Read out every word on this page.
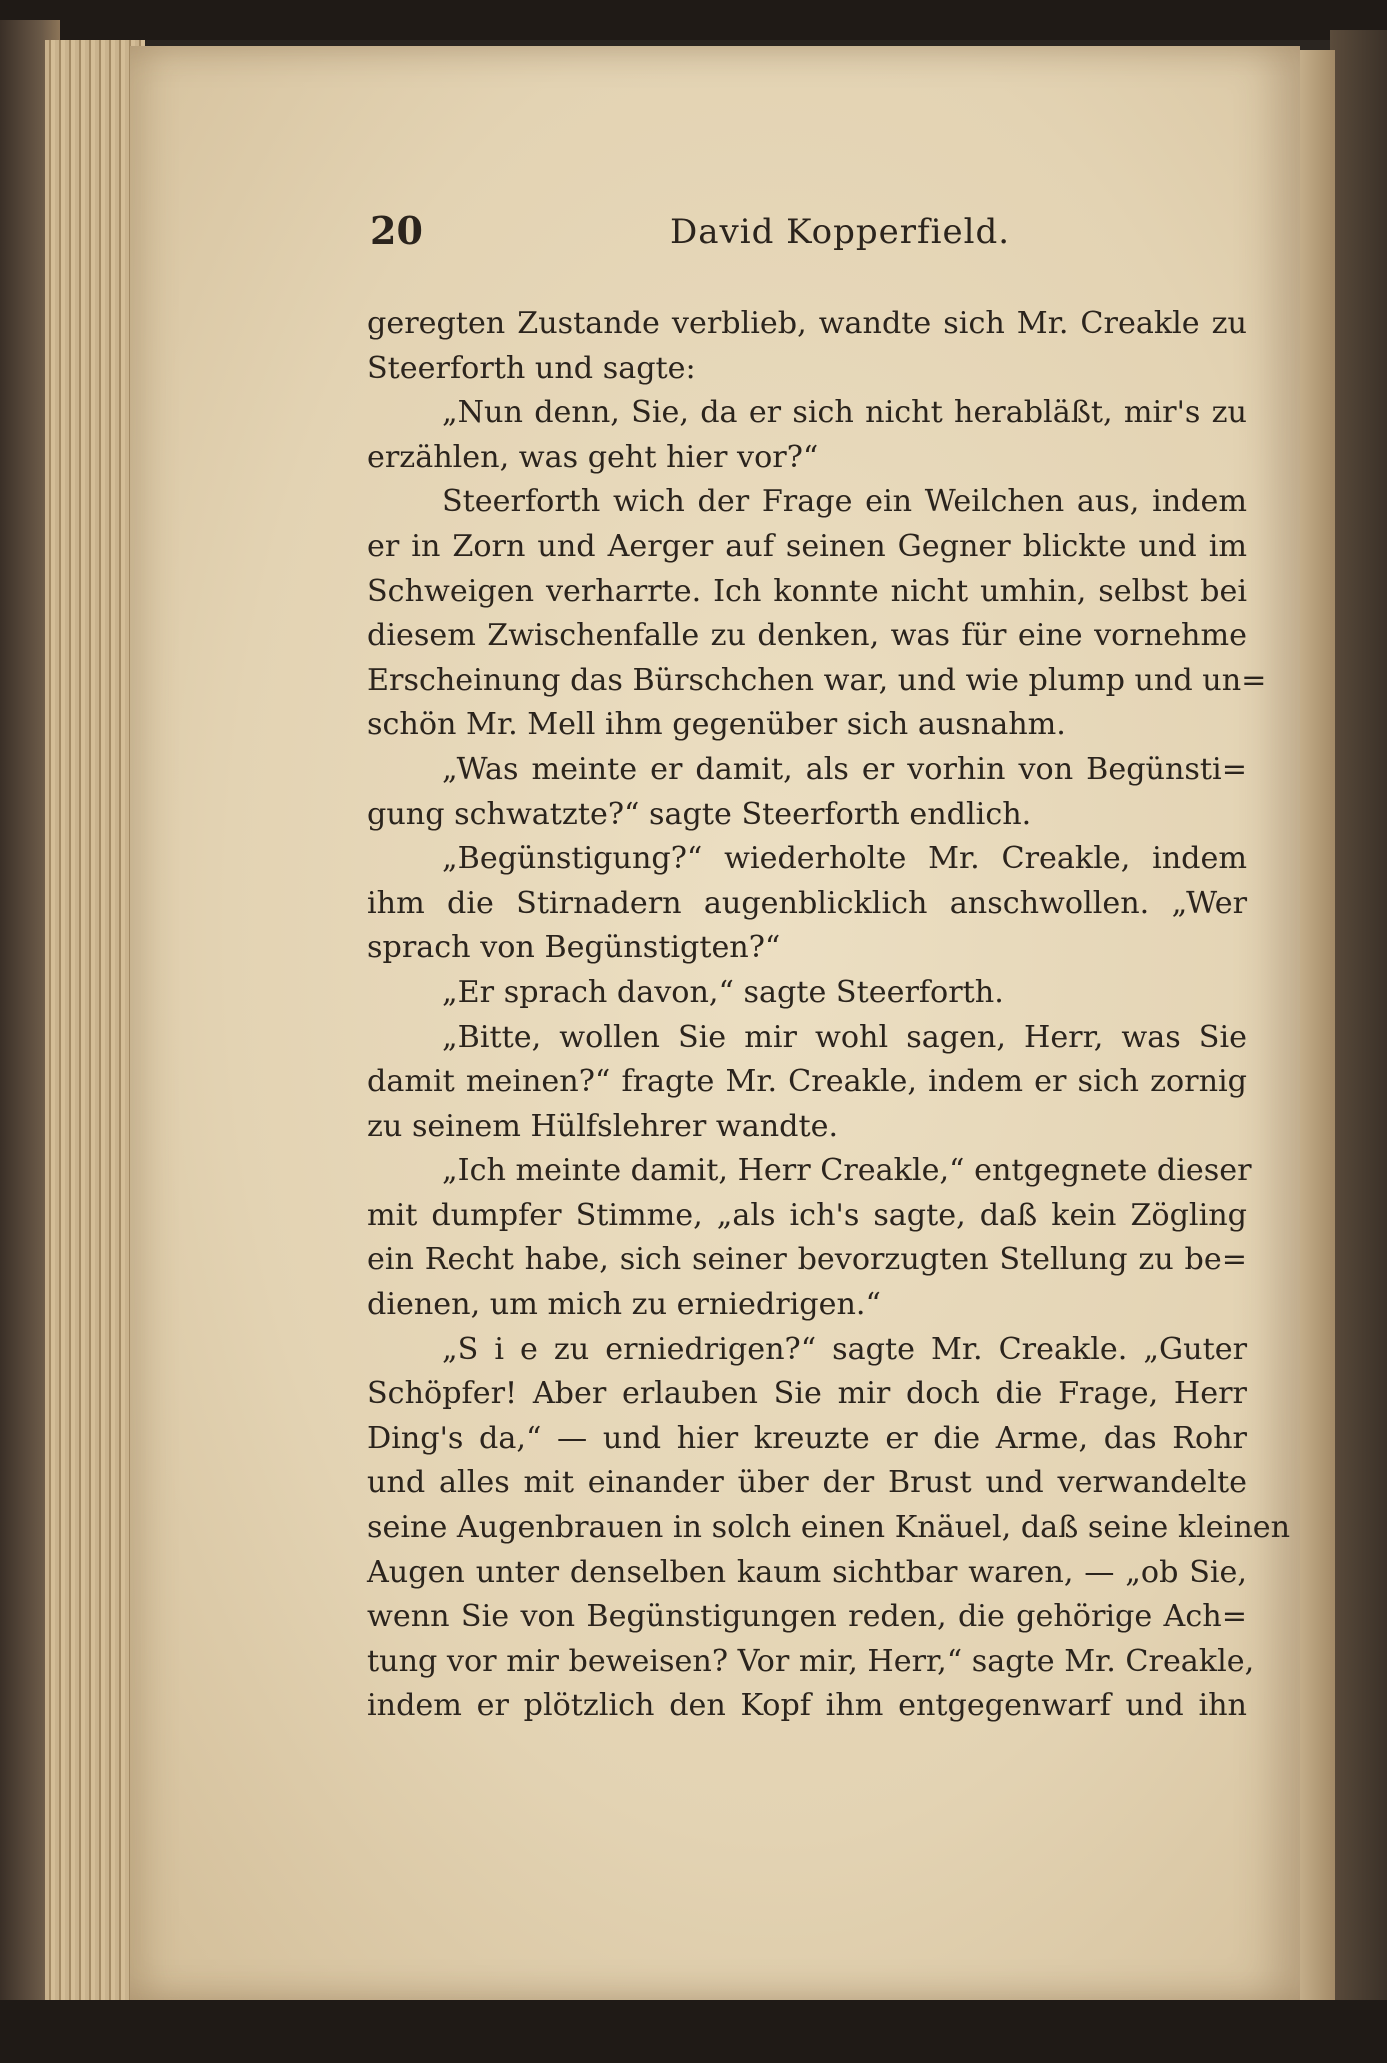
20	David Kopperfield.
geregten Zustande verblieb, wandte sich Mr. Creakle zu
Steerforth und sagte:
„Nun denn, Sie, da er sich nicht herabläßt, mir's zu
erzählen, was geht hier vor?“
Steerforth wich der Frage ein Weilchen aus, indem
er in Zorn und Aerger auf seinen Gegner blickte und im
Schweigen verharrte. Ich konnte nicht umhin, selbst bei
diesem Zwischenfalle zu denken, was für eine vornehme
Erscheinung das Bürschchen war, und wie plump und un=
schön Mr. Mell ihm gegenüber sich ausnahm.
„Was meinte er damit, als er vorhin von Begünsti=
gung schwatzte?“ sagte Steerforth endlich.
„Begünstigung?“ wiederholte Mr. Creakle, indem
ihm die Stirnadern augenblicklich anschwollen. „Wer
sprach von Begünstigten?“
„Er sprach davon,“ sagte Steerforth.
„Bitte, wollen Sie mir wohl sagen, Herr, was Sie
damit meinen?“ fragte Mr. Creakle, indem er sich zornig
zu seinem Hülfslehrer wandte.
„Ich meinte damit, Herr Creakle,“ entgegnete dieser
mit dumpfer Stimme, „als ich's sagte, daß kein Zögling
ein Recht habe, sich seiner bevorzugten Stellung zu be=
dienen, um mich zu erniedrigen.“
„S i e zu erniedrigen?“ sagte Mr. Creakle. „Guter
Schöpfer! Aber erlauben Sie mir doch die Frage, Herr
Ding's da,“ — und hier kreuzte er die Arme, das Rohr
und alles mit einander über der Brust und verwandelte
seine Augenbrauen in solch einen Knäuel, daß seine kleinen
Augen unter denselben kaum sichtbar waren, — „ob Sie,
wenn Sie von Begünstigungen reden, die gehörige Ach=
tung vor mir beweisen? Vor mir, Herr,“ sagte Mr. Creakle,
indem er plötzlich den Kopf ihm entgegenwarf und ihn
